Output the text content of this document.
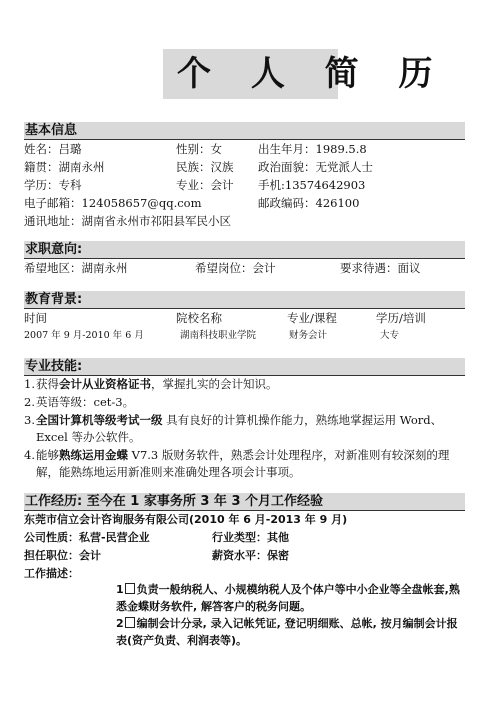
个 人 简 历
基本信息
姓名：吕璐	性别：女	出生年月：1989.5.8
籍贯：湖南永州	民族：汉族 政治面貌：无党派人士
学历：专科	专业：会计 手机:13574642903
电子邮箱：124058657@qq.com	邮政编码：426100
通讯地址：湖南省永州市祁阳县军民小区
求职意向:
希望地区：湖南永州	希望岗位：会计	要求待遇：面议
教育背景:
时间	院校名称	专业/课程	学历/培训
2007 年 9 月-2010 年 6 月	湖南科技职业学院	财务会计	大专
专业技能:
1. 获得会计从业资格证书，掌握扎实的会计知识。
2. 英语等级：cet-3。
3. 全国计算机等级考试一级 具有良好的计算机操作能力，熟练地掌握运用 Word、Excel 等办公软件。
4. 能够熟练运用金蝶 V7.3 版财务软件，熟悉会计处理程序，对新准则有较深刻的理解，能熟练地运用新准则来准确处理各项会计事项。
工作经历: 至今在 1 家事务所 3 年 3 个月工作经验
东莞市信立会计咨询服务有限公司(2010 年 6 月-2013 年 9 月)
公司性质：私营-民营企业	行业类型：其他
担任职位：会计	薪资水平：保密
工作描述：
1 负责一般纳税人、小规模纳税人及个体户等中小企业等全盘帐套,熟悉金蝶财务软件, 解答客户的税务问题。
2 编制会计分录, 录入记帐凭证, 登记明细账、总帐, 按月编制会计报表(资产负责、利润表等)。
